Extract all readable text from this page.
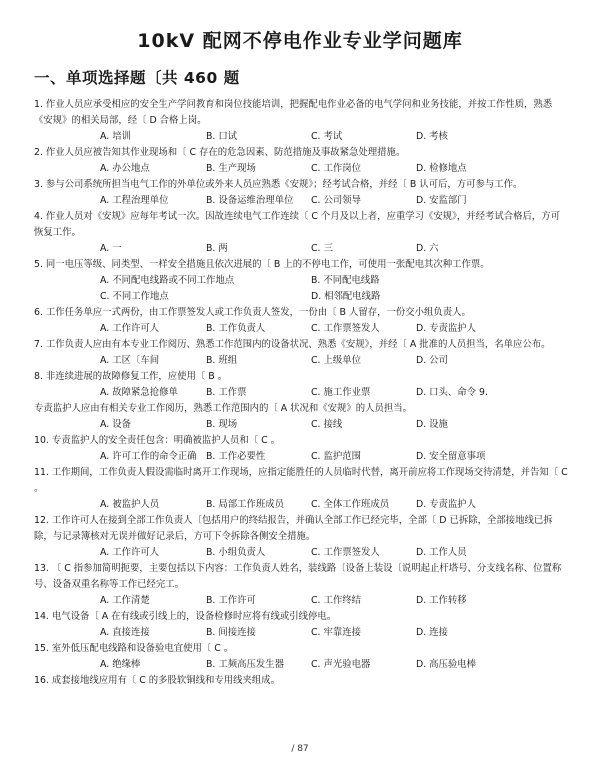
10kV 配网不停电作业专业学问题库
一、单项选择题〔共 460 题

1. 作业人员应承受相应的安全生产学问教育和岗位技能培训，把握配电作业必备的电气学问和业务技能，并按工作性质，熟悉《安规》的相关局部，经〔 D 合格上岗。

A. 培训	B. 口试	C. 考试	D. 考核

2. 作业人员应被告知其作业现场和〔 C 存在的危急因素、防范措施及事故紧急处理措施。

A. 办公地点	B. 生产现场	C. 工作岗位	D. 检修地点

3. 参与公司系统所担当电气工作的外单位或外来人员应熟悉《安规》；经考试合格，并经〔 B 认可后，方可参与工作。

A. 工程治理单位	B. 设备运维治理单位	C. 公司领导	D. 安监部门

4. 作业人员对《安规》应每年考试一次。因故连续电气工作连续〔 C 个月及以上者，应重学习《安规》，并经考试合格后，方可恢复工作。

A. 一	B. 两	C. 三	D. 六

5. 同一电压等级、同类型、一样安全措施且依次进展的〔 B 上的不停电工作，可使用一张配电其次种工作票。

A. 不同配电线路或不同工作地点	B. 不同配电线路
C. 不同工作地点	D. 相邻配电线路

6. 工作任务单应一式两份，由工作票签发人或工作负责人签发，一份由〔 B 人留存，一份交小组负责人。

A. 工作许可人	B. 工作负责人	C. 工作票签发人	D. 专责监护人

7. 工作负责人应由有本专业工作阅历、熟悉工作范围内的设备状况、熟悉《安规》，并经〔 A 批准的人员担当，名单应公布。

A. 工区〔车间	B. 班组	C. 上级单位	D. 公司

8. 非连续进展的故障修复工作，应使用〔 B 。

A. 故障紧急抢修单	B. 工作票	C. 施工作业票	D. 口头、命令 9.

专责监护人应由有相关专业工作阅历，熟悉工作范围内的〔 A 状况和《安规》的人员担当。

A. 设备	B. 现场	C. 接线	D. 设施

10. 专责监护人的安全责任包含：明确被监护人员和〔 C 。

A. 许可工作的命令正确	B. 工作必要性	C. 监护范围	D. 安全留意事项

11. 工作期间，工作负责人假设需临时离开工作现场，应指定能胜任的人员临时代替，离开前应将工作现场交待清楚，并告知〔 C 。

A. 被监护人员	B. 局部工作班成员	C. 全体工作班成员	D. 专责监护人

12. 工作许可人在接到全部工作负责人〔包括用户的终结报告，并确认全部工作已经完毕，全部〔 D 已拆除，全部接地线已拆除，与记录簿核对无误并做好记录后，方可下令拆除各侧安全措施。

A. 工作许可人	B. 小组负责人	C. 工作票签发人	D. 工作人员

13. 〔 C 指参加简明扼要，主要包括以下内容：工作负责人姓名，装线路〔设备上装设〔说明起止杆塔号、分支线名称、位置称号、设备双重名称等工作已经完工。

A. 工作清楚	B. 工作许可	C. 工作终结	D. 工作转移

14. 电气设备〔 A 在有线或引线上的，设备检修时应将有线或引线停电。

A. 直接连接	B. 间接连接	C. 牢靠连接	D. 连接

15. 室外低压配电线路和设备验电宜使用〔 C 。

A. 绝缘棒	B. 工频高压发生器	C. 声光验电器	D. 高压验电棒

16. 成套接地线应用有〔 C 的多股软铜线和专用线夹组成。

/ 87
